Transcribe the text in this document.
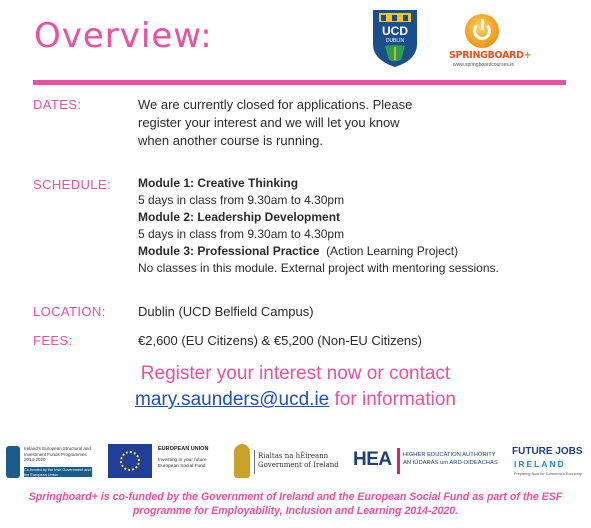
Overview:	UCD
DUBLIN
SPRINGBOARD+
www.springboardcourses.ie
DATES:	We are currently closed for applications. Please
register your interest and we will let you know
when another course is running.
SCHEDULE: Module 1: Creative Thinking
5 days in class from 9.30am to 4.30pm
Module 2: Leadership Development
5 days in class from 9.30am to 4.30pm
Module 3: Professional Practice (Action Learning Project)
No classes in this module. External project with mentoring sessions.
LOCATION: Dublin (UCD Belfield Campus)
FEES:	€2,600 (EU Citizens) & €5,200 (Non-EU Citizens)
Register your interest now or contact
mary.saunders@ucd.ie for information
Ireland's European Structural and Investment Funds Programmes 2014-2020
Co-funded by the Irish Government and the European Union
EUROPEAN UNION
Investing in your future European Social Fund
Rialtas na hÉireann
Government of Ireland HEA HIGHER EDUCATION AUTHORITY
AN tÚDARÁS um ARD-OIDEACHAS
FUTURE JOBS
IRELAND
Preparing Now for Tomorrow's Economy
Springboard+ is co-funded by the Government of Ireland and the European Social Fund as part of the ESF
programme for Employability, Inclusion and Learning 2014-2020.
